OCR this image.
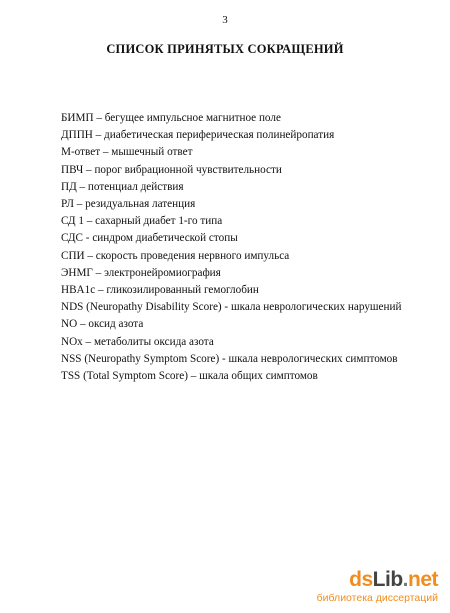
3
СПИСОК ПРИНЯТЫХ СОКРАЩЕНИЙ
БИМП – бегущее импульсное магнитное поле
ДППН – диабетическая периферическая полинейропатия
М-ответ – мышечный ответ
ПВЧ – порог вибрационной чувствительности
ПД – потенциал действия
РЛ – резидуальная латенция
СД 1 – сахарный диабет 1-го типа
СДС - синдром диабетической стопы
СПИ – скорость проведения нервного импульса
ЭНМГ – электронейромиография
HBA1c – гликозилированный гемоглобин
NDS (Neuropathy Disability Score) - шкала неврологических нарушений
NO – оксид азота
NOx – метаболиты оксида азота
NSS (Neuropathy Symptom Score) - шкала неврологических симптомов
TSS (Total Symptom Score) – шкала общих симптомов
dsLib.net
библиотека диссертаций
